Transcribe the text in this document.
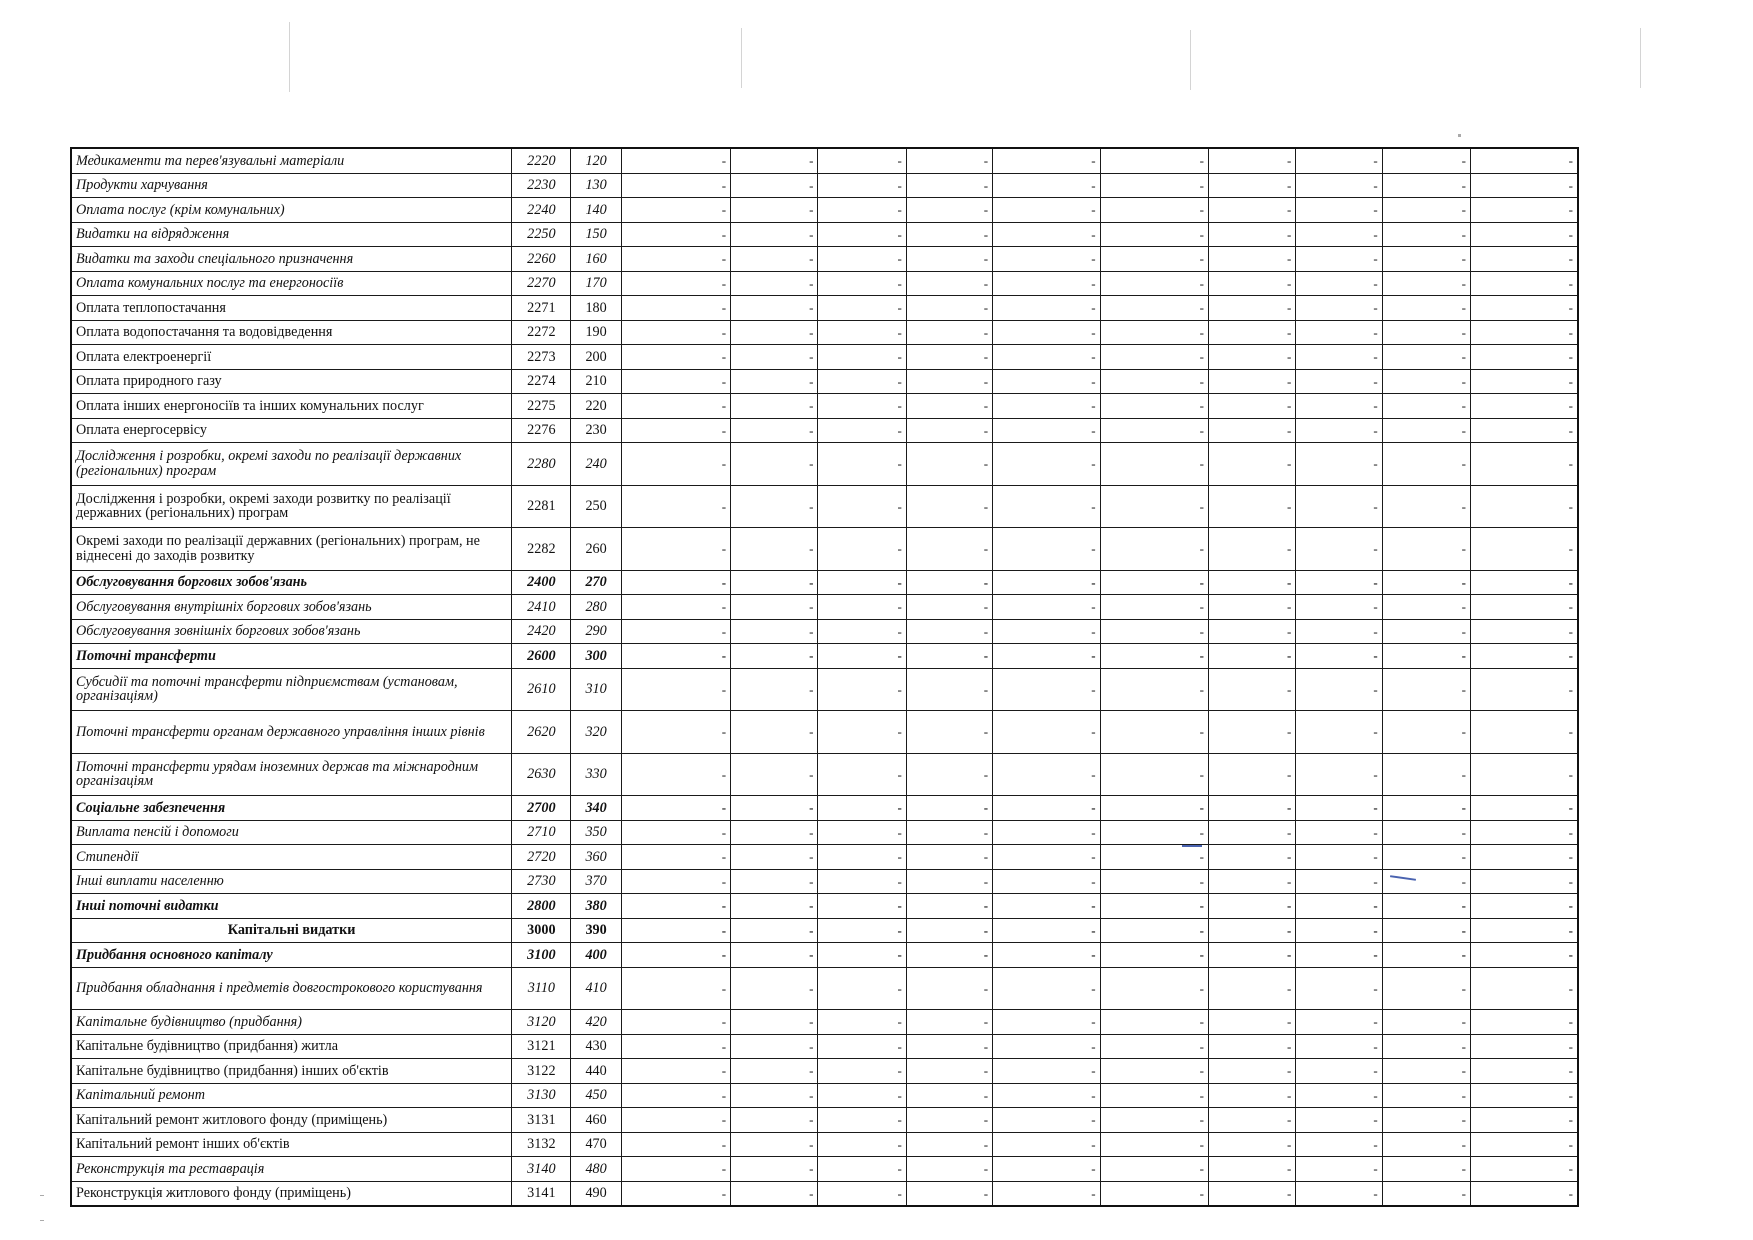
Медикаменти та перев'язувальні матеріали	2220	120	-	-	-	-	-	-	-	-	-	-
Продукти харчування	2230	130	-	-	-	-	-	-	-	-	-	-
Оплата послуг (крім комунальних)	2240	140	-	-	-	-	-	-	-	-	-	-
Видатки на відрядження	2250	150	-	-	-	-	-	-	-	-	-	-
Видатки та заходи спеціального призначення	2260	160	-	-	-	-	-	-	-	-	-	-
Оплата комунальних послуг та енергоносіїв	2270	170	-	-	-	-	-	-	-	-	-	-
Оплата теплопостачання	2271	180	-	-	-	-	-	-	-	-	-	-
Оплата водопостачання та водовідведення	2272	190	-	-	-	-	-	-	-	-	-	-
Оплата електроенергії	2273	200	-	-	-	-	-	-	-	-	-	-
Оплата природного газу	2274	210	-	-	-	-	-	-	-	-	-	-
Оплата інших енергоносіїв та інших комунальних послуг	2275	220	-	-	-	-	-	-	-	-	-	-
Оплата енергосервісу	2276	230	-	-	-	-	-	-	-	-	-	-
Дослідження і розробки, окремі заходи по реалізації державних (регіональних) програм	2280	240	-	-	-	-	-	-	-	-	-	-
Дослідження і розробки, окремі заходи розвитку по реалізації державних (регіональних) програм	2281	250	-	-	-	-	-	-	-	-	-	-
Окремі заходи по реалізації державних (регіональних) програм, не віднесені до заходів розвитку	2282	260	-	-	-	-	-	-	-	-	-	-
Обслуговування боргових зобов'язань	2400	270	-	-	-	-	-	-	-	-	-	-
Обслуговування внутрішніх боргових зобов'язань	2410	280	-	-	-	-	-	-	-	-	-	-
Обслуговування зовнішніх боргових зобов'язань	2420	290	-	-	-	-	-	-	-	-	-	-
Поточні трансферти	2600	300	-	-	-	-	-	-	-	-	-	-
Субсидії та поточні трансферти підприємствам (установам, організаціям)	2610	310	-	-	-	-	-	-	-	-	-	-
Поточні трансферти органам державного управління інших рівнів	2620	320	-	-	-	-	-	-	-	-	-	-
Поточні трансферти урядам іноземних держав та міжнародним організаціям	2630	330	-	-	-	-	-	-	-	-	-	-
Соціальне забезпечення	2700	340	-	-	-	-	-	-	-	-	-	-
Виплата пенсій і допомоги	2710	350	-	-	-	-	-	-	-	-	-	-
Стипендії	2720	360	-	-	-	-	-	-	-	-	-	-
Інші виплати населенню	2730	370	-	-	-	-	-	-	-	-	-	-
Інші поточні видатки	2800	380	-	-	-	-	-	-	-	-	-	-
Капітальні видатки	3000	390	-	-	-	-	-	-	-	-	-	-
Придбання основного капіталу	3100	400	-	-	-	-	-	-	-	-	-	-
Придбання обладнання і предметів довгострокового користування	3110	410	-	-	-	-	-	-	-	-	-	-
Капітальне будівництво (придбання)	3120	420	-	-	-	-	-	-	-	-	-	-
Капітальне будівництво (придбання) житла	3121	430	-	-	-	-	-	-	-	-	-	-
Капітальне будівництво (придбання) інших об'єктів	3122	440	-	-	-	-	-	-	-	-	-	-
Капітальний ремонт	3130	450	-	-	-	-	-	-	-	-	-	-
Капітальний ремонт житлового фонду (приміщень)	3131	460	-	-	-	-	-	-	-	-	-	-
Капітальний ремонт інших об'єктів	3132	470	-	-	-	-	-	-	-	-	-	-
Реконструкція та реставрація	3140	480	-	-	-	-	-	-	-	-	-	-
Реконструкція житлового фонду (приміщень)	3141	490	-	-	-	-	-	-	-	-	-	-
